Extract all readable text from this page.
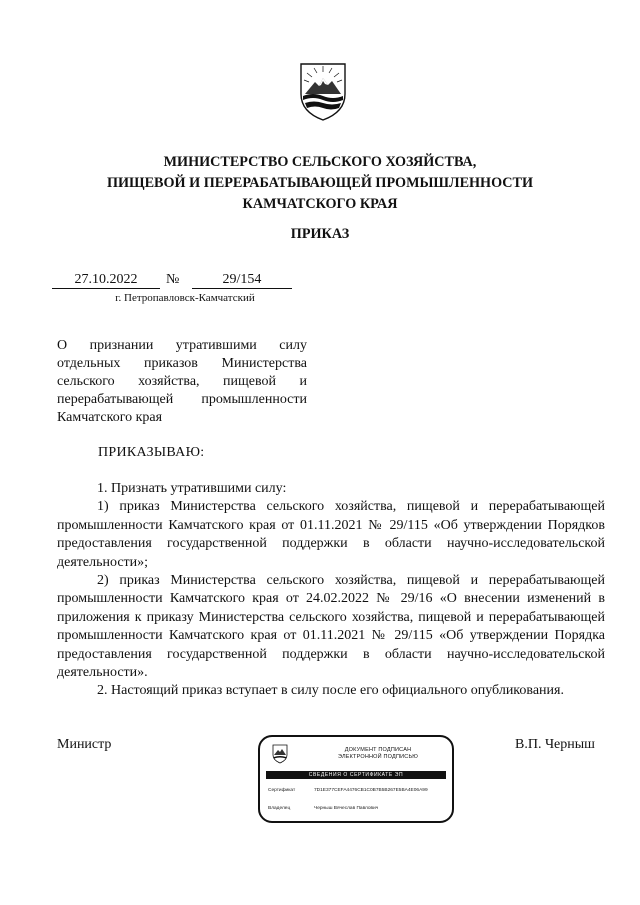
МИНИСТЕРСТВО СЕЛЬСКОГО ХОЗЯЙСТВА,
ПИЩЕВОЙ И ПЕРЕРАБАТЫВАЮЩЕЙ ПРОМЫШЛЕННОСТИ
КАМЧАТСКОГО КРАЯ
ПРИКАЗ
27.10.2022	№	29/154
г. Петропавловск-Камчатский
О признании утратившими силу отдельных приказов Министерства сельского хозяйства, пищевой и перерабатывающей промышленности Камчатского края
ПРИКАЗЫВАЮ:

1. Признать утратившими силу:

1) приказ Министерства сельского хозяйства, пищевой и перерабатывающей промышленности Камчатского края от 01.11.2021 № 29/115 «Об утверждении Порядков предоставления государственной поддержки в области научно-исследовательской деятельности»;

2) приказ Министерства сельского хозяйства, пищевой и перерабатывающей промышленности Камчатского края от 24.02.2022 № 29/16 «О внесении изменений в приложения к приказу Министерства сельского хозяйства, пищевой и перерабатывающей промышленности Камчатского края от 01.11.2021 № 29/115 «Об утверждении Порядка предоставления государственной поддержки в области научно-исследовательской деятельности».

2. Настоящий приказ вступает в силу после его официального опубликования.

Министр	ДОКУМЕНТ ПОДПИСАН
ЭЛЕКТРОННОЙ ПОДПИСЬЮ
СВЕДЕНИЯ О СЕРТИФИКАТЕ ЭП
Сертификат	7D1E377CEFA4476CB1C0B7B5B267E5BA4E06A99
Владелец	Черныш Вячеслав Павлович
В.П. Черныш
